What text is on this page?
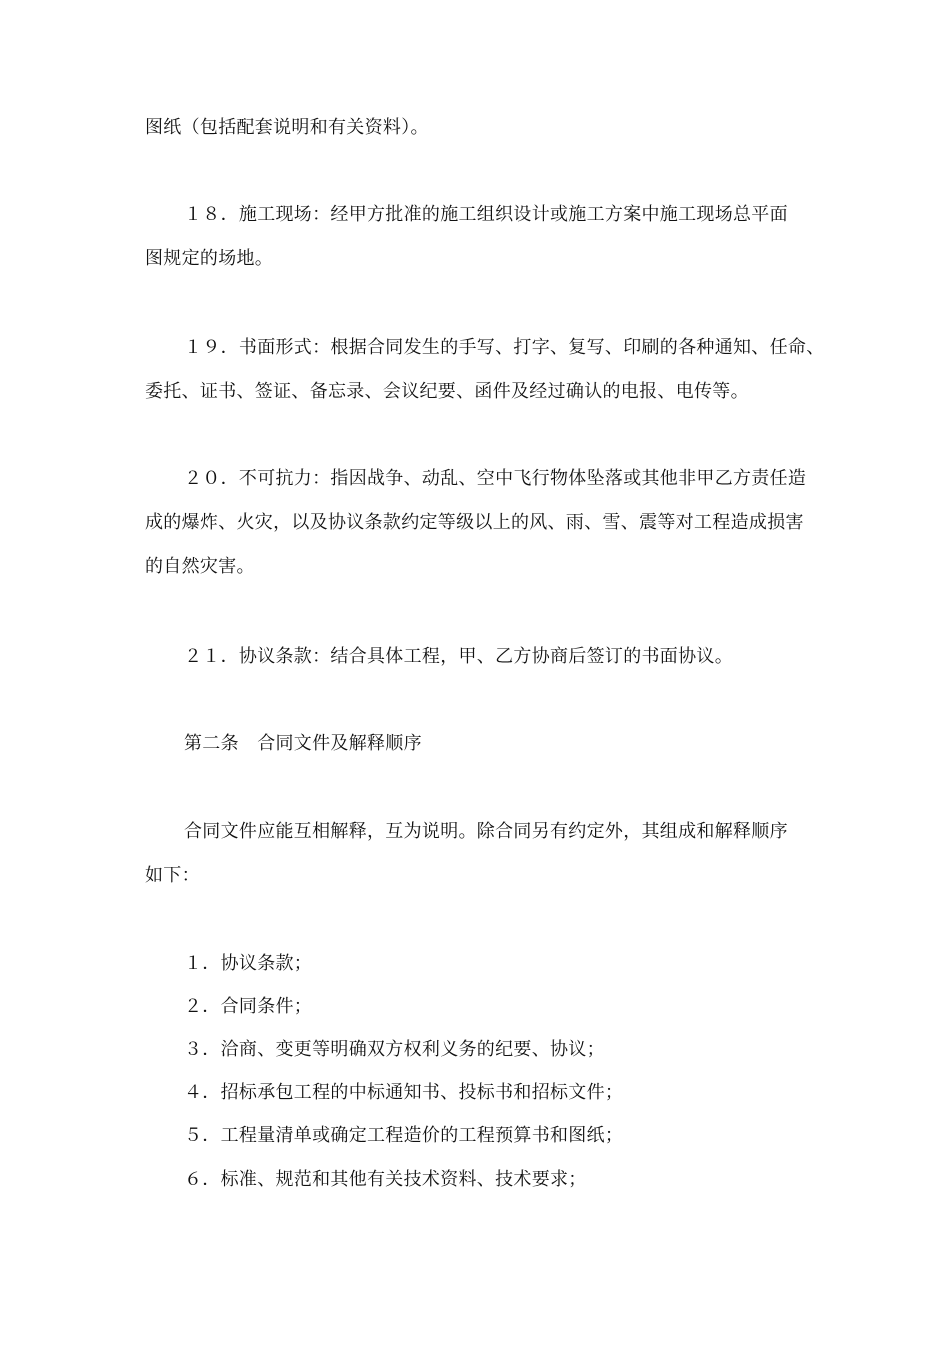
图纸（包括配套说明和有关资料）。
１８．施工现场：经甲方批准的施工组织设计或施工方案中施工现场总平面
图规定的场地。
１９．书面形式：根据合同发生的手写、打字、复写、印刷的各种通知、任命、
委托、证书、签证、备忘录、会议纪要、函件及经过确认的电报、电传等。
２０．不可抗力：指因战争、动乱、空中飞行物体坠落或其他非甲乙方责任造
成的爆炸、火灾，以及协议条款约定等级以上的风、雨、雪、震等对工程造成损害
的自然灾害。
２１．协议条款：结合具体工程，甲、乙方协商后签订的书面协议。
第二条　合同文件及解释顺序
合同文件应能互相解释，互为说明。除合同另有约定外，其组成和解释顺序
如下：
１．协议条款；
２．合同条件；
３．洽商、变更等明确双方权利义务的纪要、协议；
４．招标承包工程的中标通知书、投标书和招标文件；
５．工程量清单或确定工程造价的工程预算书和图纸；
６．标准、规范和其他有关技术资料、技术要求；
